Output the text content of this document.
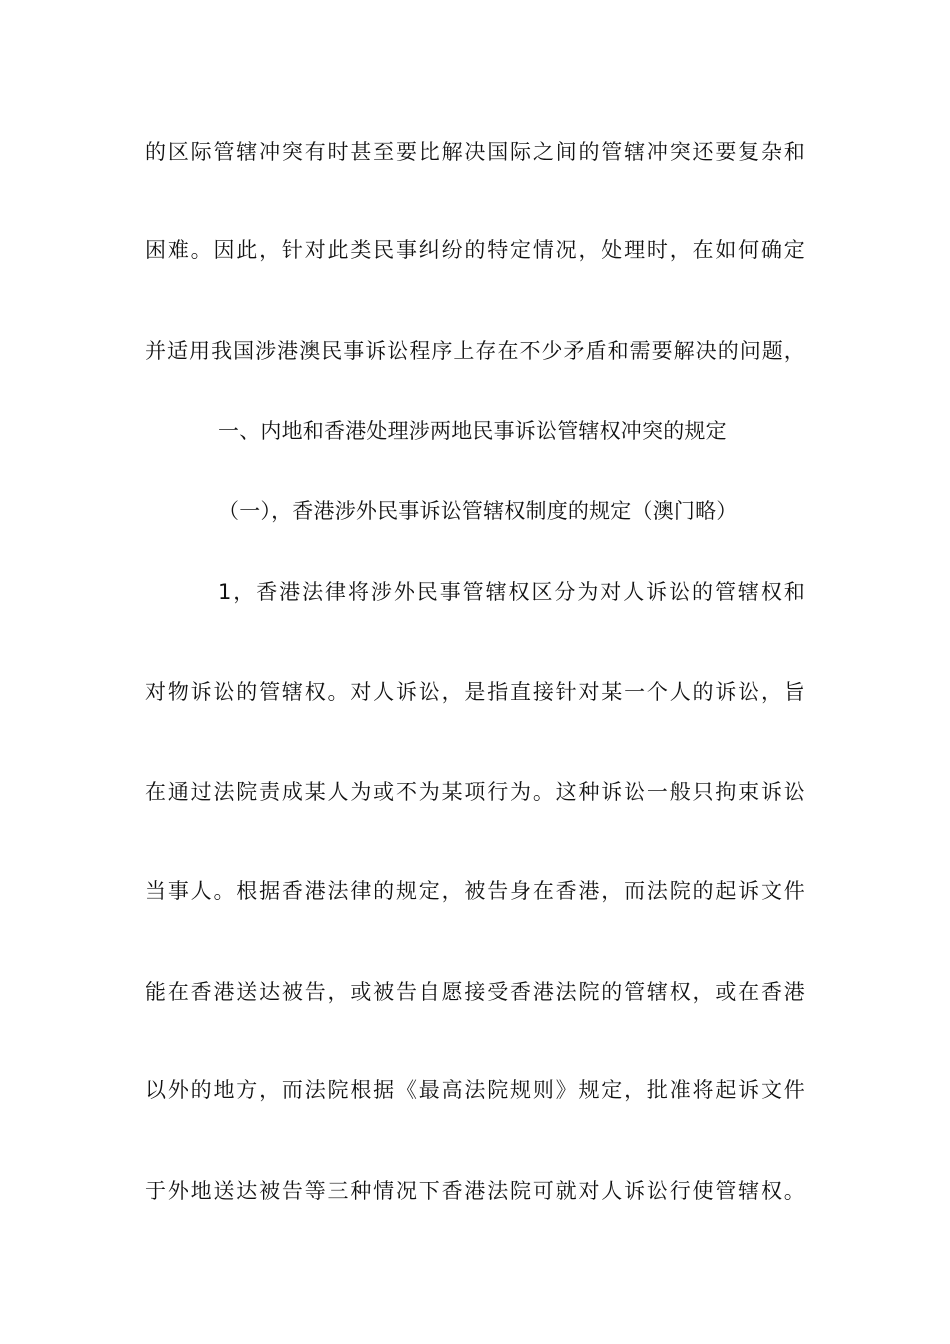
的区际管辖冲突有时甚至要比解决国际之间的管辖冲突还要复杂和
困难。因此，针对此类民事纠纷的特定情况，处理时，在如何确定
并适用我国涉港澳民事诉讼程序上存在不少矛盾和需要解决的问题，
一、内地和香港处理涉两地民事诉讼管辖权冲突的规定
（一），香港涉外民事诉讼管辖权制度的规定（澳门略）
1，香港法律将涉外民事管辖权区分为对人诉讼的管辖权和
对物诉讼的管辖权。对人诉讼，是指直接针对某一个人的诉讼，旨
在通过法院责成某人为或不为某项行为。这种诉讼一般只拘束诉讼
当事人。根据香港法律的规定，被告身在香港，而法院的起诉文件
能在香港送达被告，或被告自愿接受香港法院的管辖权，或在香港
以外的地方，而法院根据《最高法院规则》规定，批准将起诉文件
于外地送达被告等三种情况下香港法院可就对人诉讼行使管辖权。
